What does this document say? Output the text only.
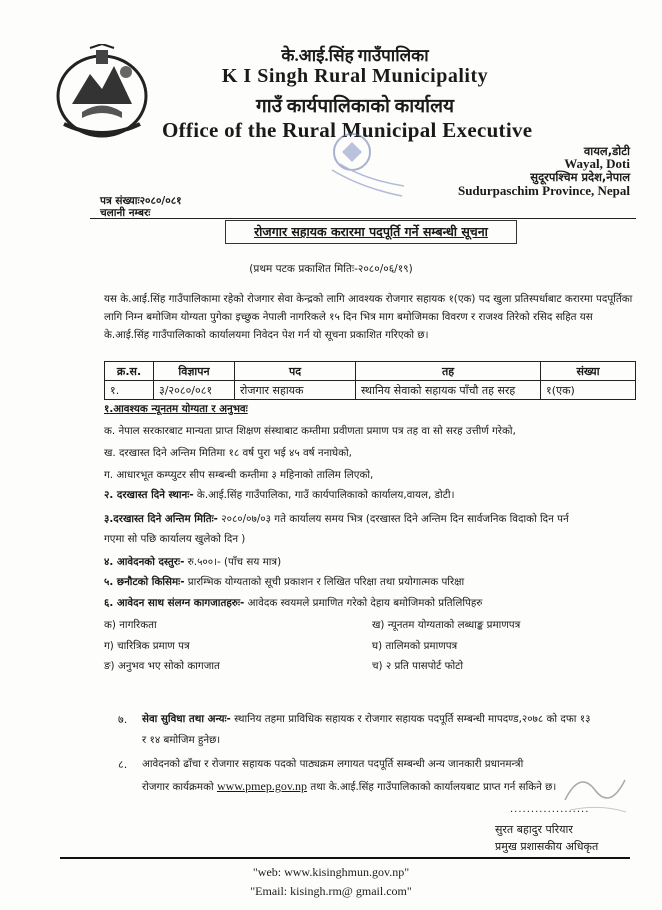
के.आई.सिंह गाउँपालिका
K I Singh Rural Municipality
गाउँ कार्यपालिकाको कार्यालय
Office of the Rural Municipal Executive
वायल,डोटी
Wayal, Doti
सुदूरपश्चिम प्रदेश,नेपाल
Sudurpaschim Province, Nepal
पत्र संख्याः२०८०/०८१
चलानी नम्बरः
रोजगार सहायक करारमा पदपूर्ति गर्ने सम्बन्धी सूचना
(प्रथम पटक प्रकाशित मितिः-२०८०/०६/१९)
यस के.आई.सिंह गाउँपालिकामा रहेको रोजगार सेवा केन्द्रको लागि आवश्यक रोजगार सहायक १(एक) पद खुला प्रतिस्पर्धाबाट करारमा पदपूर्तिका लागि निम्न बमोजिम योग्यता पुगेका इच्छुक नेपाली नागरिकले १५ दिन भित्र माग बमोजिमका विवरण र राजश्व तिरेको रसिद सहित यस के.आई.सिंह गाउँपालिकाको कार्यालयमा निवेदन पेश गर्न यो सूचना प्रकाशित गरिएको छ।
क्र.स.	विज्ञापन	पद	तह	संख्या
१.	३/२०८०/०८१	रोजगार सहायक	स्थानिय सेवाको सहायक पाँचौ तह सरह	१(एक)
१.आवश्यक न्यूनतम योग्यता र अनुभवः
क. नेपाल सरकारबाट मान्यता प्राप्त शिक्षण संस्थाबाट कम्तीमा प्रवीणता प्रमाण पत्र तह वा सो सरह उत्तीर्ण गरेको,
ख. दरखास्त दिने अन्तिम मितिमा १८ वर्ष पुरा भई ४५ वर्ष ननाघेको,
ग. आधारभूत कम्प्युटर सीप सम्बन्धी कम्तीमा ३ महिनाको तालिम लिएको,
२. दरखास्त दिने स्थानः- के.आई.सिंह गाउँपालिका, गाउँ कार्यपालिकाको कार्यालय,वायल, डोटी।
३.दरखास्त दिने अन्तिम मितिः- २०८०/०७/०३ गते कार्यालय समय भित्र (दरखास्त दिने अन्तिम दिन सार्वजनिक विदाको दिन पर्न
गएमा सो पछि कार्यालय खुलेको दिन )
४. आवेदनको दस्तुरः- रु.५००।- (पाँच सय मात्र)
५. छनौटको किसिमः- प्रारम्भिक योग्यताको सूची प्रकाशन र लिखित परिक्षा तथा प्रयोगात्मक परिक्षा
६. आवेदन साथ संलग्न कागजातहरुः- आवेदक स्वयमले प्रमाणित गरेको देहाय बमोजिमको प्रतिलिपिहरु
क) नागरिकता	ख) न्यूनतम योग्यताको लब्धाङ्क प्रमाणपत्र
ग) चारित्रिक प्रमाण पत्र	घ) तालिमको प्रमाणपत्र
ङ) अनुभव भए सोको कागजात	च) २ प्रति पासपोर्ट फोटो
७. सेवा सुविधा तथा अन्यः- स्थानिय तहमा प्राविधिक सहायक र रोजगार सहायक पदपूर्ति सम्बन्धी मापदण्ड,२०७८ को दफा १३
र १४ बमोजिम हुनेछ।
८. आवेदनको ढाँचा र रोजगार सहायक पदको पाठ्यक्रम लगायत पदपूर्ति सम्बन्धी अन्य जानकारी प्रधानमन्त्री
रोजगार कार्यक्रमको www.pmep.gov.np तथा के.आई.सिंह गाउँपालिकाको कार्यालयबाट प्राप्त गर्न सकिने छ।
...................
सुरत बहादुर परियार
प्रमुख प्रशासकीय अधिकृत
"web: www.kisinghmun.gov.np"
"Email: kisingh.rm@ gmail.com"
